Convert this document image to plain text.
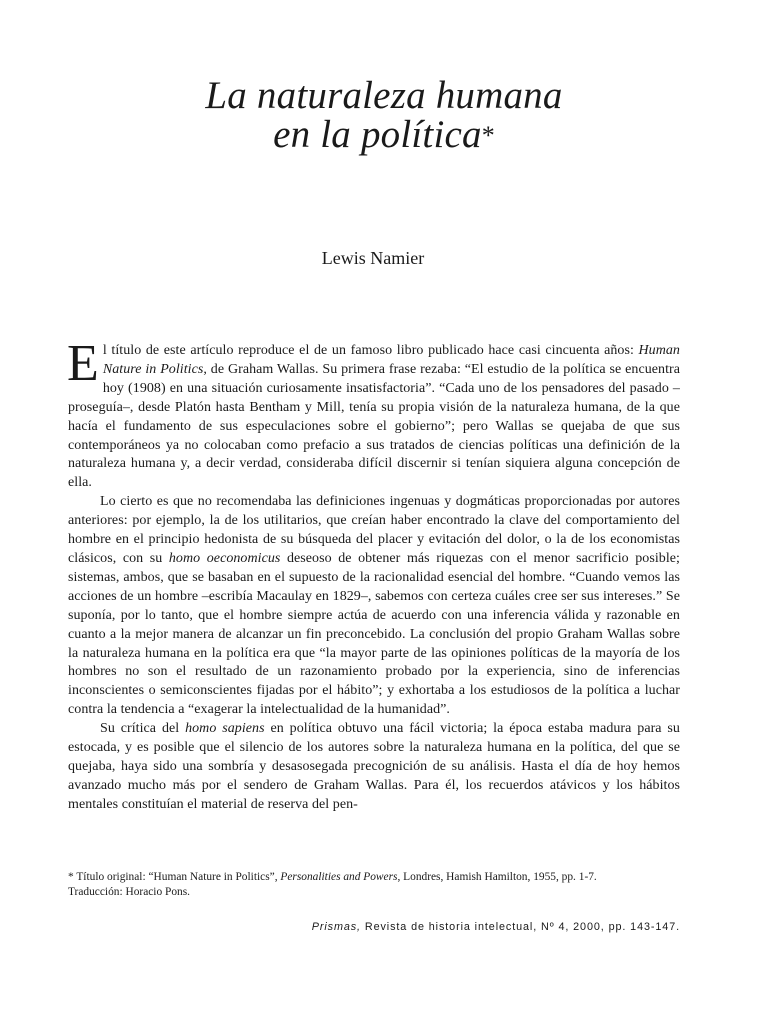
La naturaleza humana
en la política*
Lewis Namier

El título de este artículo reproduce el de un famoso libro publicado hace casi cincuenta años: Human Nature in Politics, de Graham Wallas. Su primera frase rezaba: “El estudio de la política se encuentra hoy (1908) en una situación curiosamente insatisfactoria”. “Cada uno de los pensadores del pasado –proseguía–, desde Platón hasta Bentham y Mill, tenía su propia visión de la naturaleza humana, de la que hacía el fundamento de sus especulaciones sobre el gobierno”; pero Wallas se quejaba de que sus contemporáneos ya no colocaban como prefacio a sus tratados de ciencias políticas una definición de la naturaleza humana y, a decir verdad, consideraba difícil discernir si tenían siquiera alguna concepción de ella.

Lo cierto es que no recomendaba las definiciones ingenuas y dogmáticas proporcionadas por autores anteriores: por ejemplo, la de los utilitarios, que creían haber encontrado la clave del comportamiento del hombre en el principio hedonista de su búsqueda del placer y evitación del dolor, o la de los economistas clásicos, con su homo oeconomicus deseoso de obtener más riquezas con el menor sacrificio posible; sistemas, ambos, que se basaban en el supuesto de la racionalidad esencial del hombre. “Cuando vemos las acciones de un hombre –escribía Macaulay en 1829–, sabemos con certeza cuáles cree ser sus intereses.” Se suponía, por lo tanto, que el hombre siempre actúa de acuerdo con una inferencia válida y razonable en cuanto a la mejor manera de alcanzar un fin preconcebido. La conclusión del propio Graham Wallas sobre la naturaleza humana en la política era que “la mayor parte de las opiniones políticas de la mayoría de los hombres no son el resultado de un razonamiento probado por la experiencia, sino de inferencias inconscientes o semiconscientes fijadas por el hábito”; y exhortaba a los estudiosos de la política a luchar contra la tendencia a “exagerar la intelectualidad de la humanidad”.

Su crítica del homo sapiens en política obtuvo una fácil victoria; la época estaba madura para su estocada, y es posible que el silencio de los autores sobre la naturaleza humana en la política, del que se quejaba, haya sido una sombría y desasosegada precognición de su análisis. Hasta el día de hoy hemos avanzado mucho más por el sendero de Graham Wallas. Para él, los recuerdos atávicos y los hábitos mentales constituían el material de reserva del pen-

* Título original: “Human Nature in Politics”, Personalities and Powers, Londres, Hamish Hamilton, 1955, pp. 1-7.
Traducción: Horacio Pons.
Prismas, Revista de historia intelectual, Nº 4, 2000, pp. 143-147.
